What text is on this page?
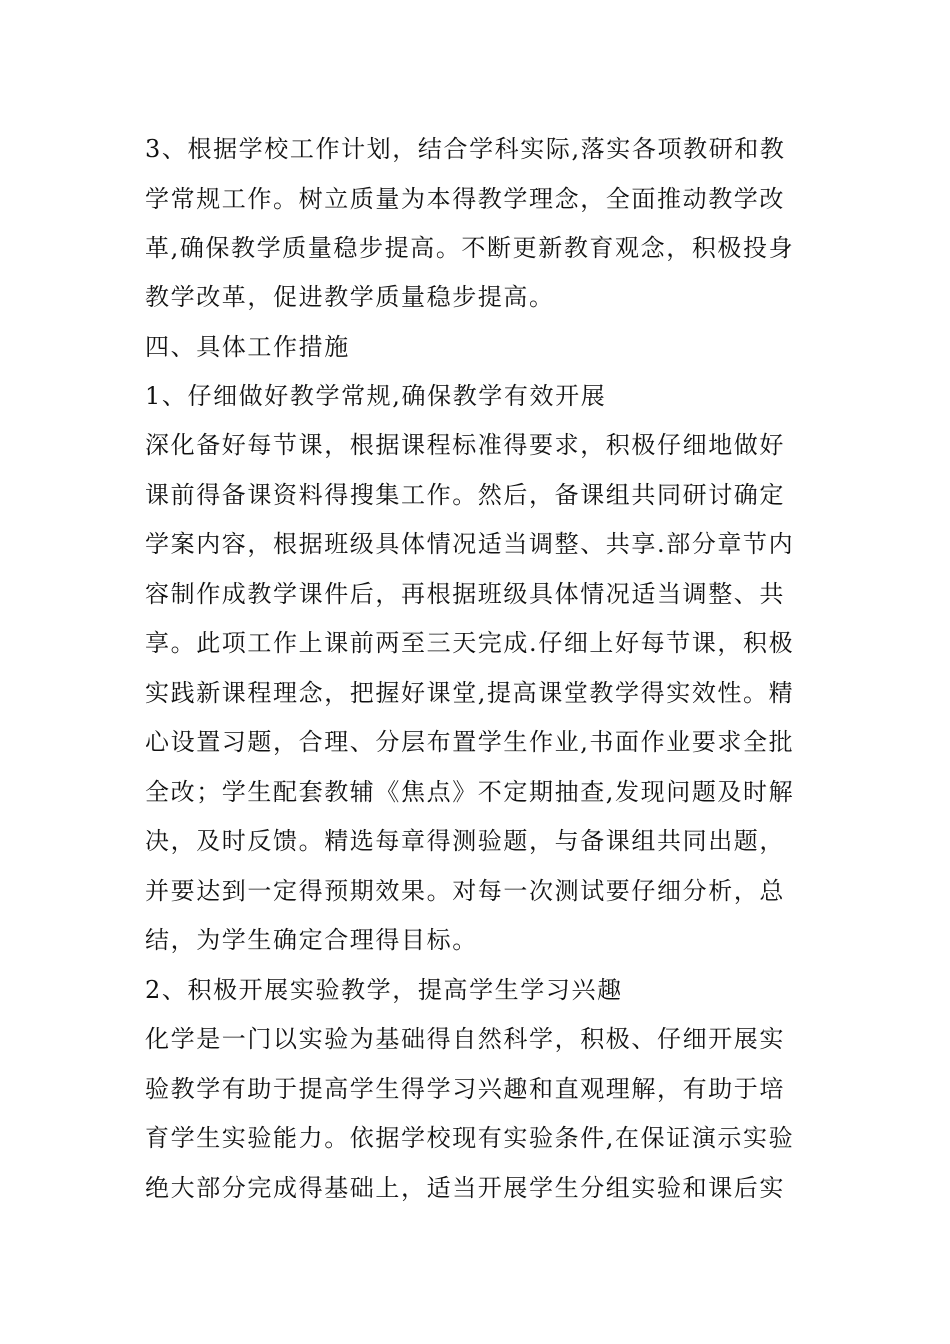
3、根据学校工作计划，结合学科实际,落实各项教研和教
学常规工作。树立质量为本得教学理念，全面推动教学改
革,确保教学质量稳步提高。不断更新教育观念，积极投身
教学改革，促进教学质量稳步提高。
四、具体工作措施
1、仔细做好教学常规,确保教学有效开展
深化备好每节课，根据课程标准得要求，积极仔细地做好
课前得备课资料得搜集工作。然后，备课组共同研讨确定
学案内容，根据班级具体情况适当调整、共享.部分章节内
容制作成教学课件后，再根据班级具体情况适当调整、共
享。此项工作上课前两至三天完成.仔细上好每节课，积极
实践新课程理念，把握好课堂,提高课堂教学得实效性。精
心设置习题，合理、分层布置学生作业,书面作业要求全批
全改；学生配套教辅《焦点》不定期抽查,发现问题及时解
决，及时反馈。精选每章得测验题，与备课组共同出题，
并要达到一定得预期效果。对每一次测试要仔细分析，总
结，为学生确定合理得目标。
2、积极开展实验教学，提高学生学习兴趣
化学是一门以实验为基础得自然科学，积极、仔细开展实
验教学有助于提高学生得学习兴趣和直观理解，有助于培
育学生实验能力。依据学校现有实验条件,在保证演示实验
绝大部分完成得基础上，适当开展学生分组实验和课后实
